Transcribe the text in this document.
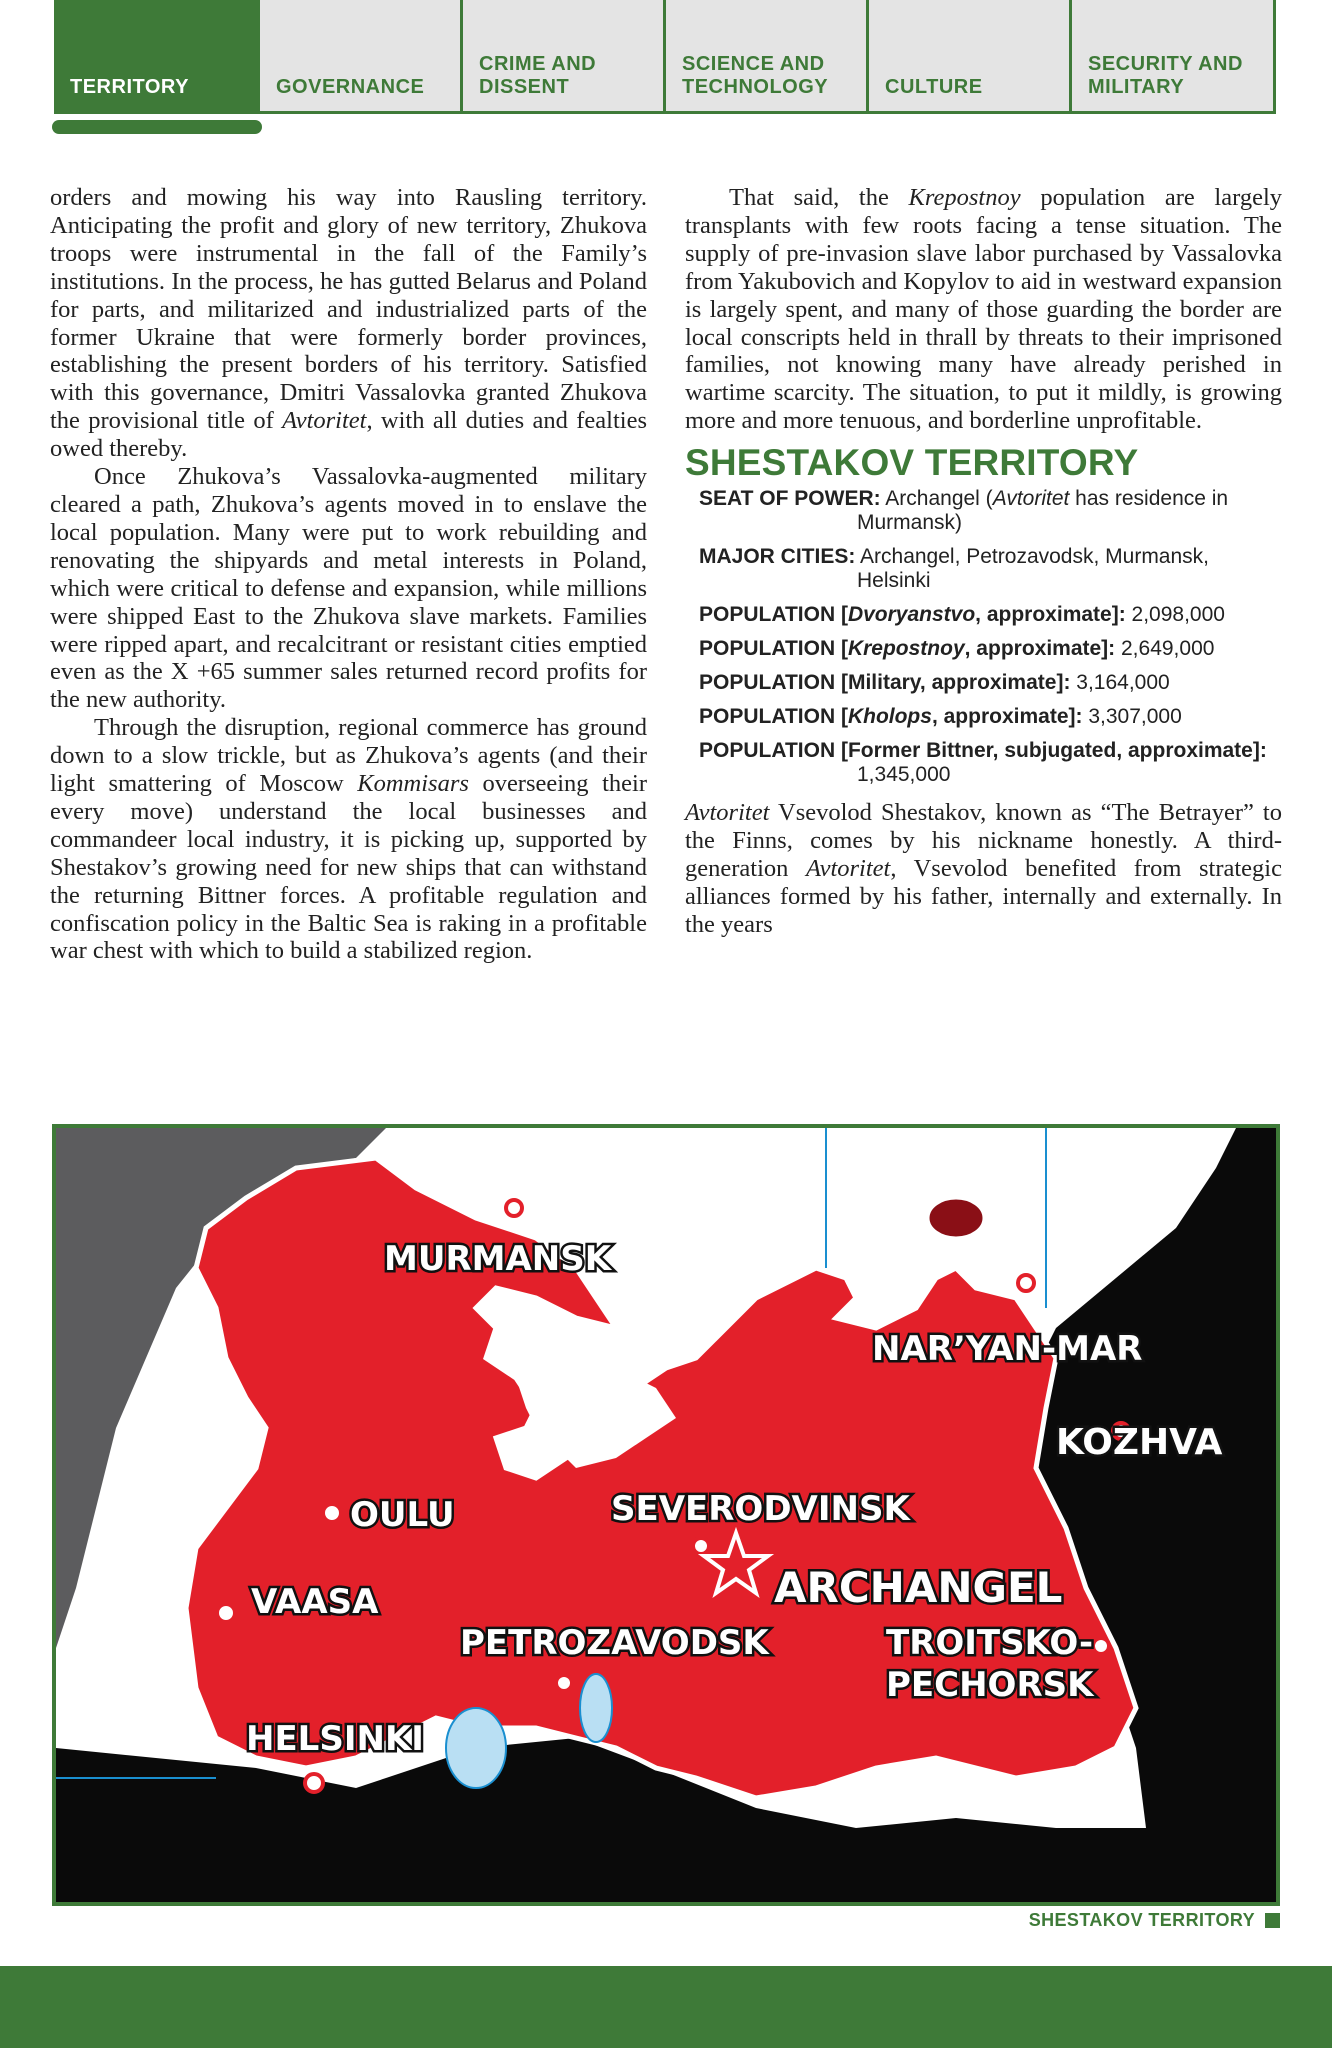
TERRITORY	GOVERNANCE
CRIME AND
DISSENT
SCIENCE AND
TECHNOLOGY	CULTURE
SECURITY AND
MILITARY

orders and mowing his way into Rausling territory. Anticipating the profit and glory of new territory, Zhukova troops were instrumental in the fall of the Family’s institutions. In the process, he has gutted Belarus and Poland for parts, and militarized and industrialized parts of the former Ukraine that were formerly border provinces, establishing the present borders of his territory. Satisfied with this governance, Dmitri Vassalovka granted Zhukova the provisional title of Avtoritet, with all duties and fealties owed thereby.

Once Zhukova’s Vassalovka-augmented military cleared a path, Zhukova’s agents moved in to enslave the local population. Many were put to work rebuilding and renovating the shipyards and metal interests in Poland, which were critical to defense and expansion, while millions were shipped East to the Zhukova slave markets. Families were ripped apart, and recalcitrant or resistant cities emptied even as the X +65 summer sales returned record profits for the new authority.

Through the disruption, regional commerce has ground down to a slow trickle, but as Zhukova’s agents (and their light smattering of Moscow Kommisars overseeing their every move) understand the local businesses and commandeer local industry, it is picking up, supported by Shestakov’s growing need for new ships that can withstand the returning Bittner forces. A profitable regulation and confiscation policy in the Baltic Sea is raking in a profitable war chest with which to build a stabilized region.

That said, the Krepostnoy population are largely transplants with few roots facing a tense situation. The supply of pre-invasion slave labor purchased by Vassalovka from Yakubovich and Kopylov to aid in westward expansion is largely spent, and many of those guarding the border are local conscripts held in thrall by threats to their imprisoned families, not knowing many have already perished in wartime scarcity. The situation, to put it mildly, is growing more and more tenuous, and borderline unprofitable.

SHESTAKOV TERRITORY
SEAT OF POWER: Archangel (Avtoritet has residence in Murmansk)
MAJOR CITIES: Archangel, Petrozavodsk, Murmansk, Helsinki
POPULATION [Dvoryanstvo, approximate]: 2,098,000
POPULATION [Krepostnoy, approximate]: 2,649,000
POPULATION [Military, approximate]: 3,164,000
POPULATION [Kholops, approximate]: 3,307,000
POPULATION [Former Bittner, subjugated, approximate]: 1,345,000

Avtoritet Vsevolod Shestakov, known as “The Betrayer” to the Finns, comes by his nickname honestly. A third-generation Avtoritet, Vsevolod benefited from strategic alliances formed by his father, internally and externally. In the years

MURMANSK
NAR’YAN-MAR
KOZHVA
OULU	SEVERODVINSK
ARCHANGEL
VAASA
PETROZAVODSK	TROITSKO-
PECHORSK
HELSINKI
SHESTAKOV TERRITORY
